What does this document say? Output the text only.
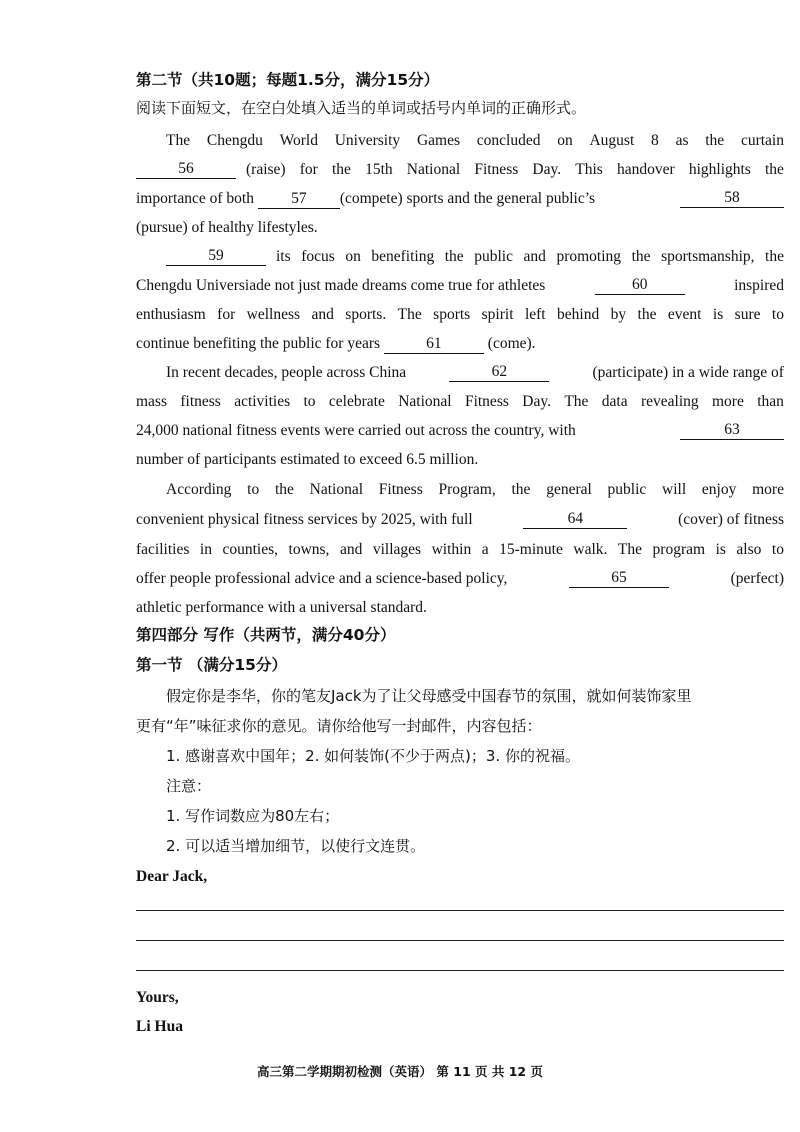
第二节（共10题；每题1.5分，满分15分）
阅读下面短文，在空白处填入适当的单词或括号内单词的正确形式。
The Chengdu World University Games concluded on August 8 as the curtain
56	(raise) for the 15th National Fitness Day. This handover highlights the
importance of both 57 (compete) sports and the general public’s	58
(pursue) of healthy lifestyles.
59	its focus on benefiting the public and promoting the sportsmanship, the
Chengdu Universiade not just made dreams come true for athletes	60	inspired
enthusiasm for wellness and sports. The sports spirit left behind by the event is sure to
continue benefiting the public for years	61	(come).
In recent decades, people across China	62	(participate) in a wide range of
mass fitness activities to celebrate National Fitness Day. The data revealing more than
24,000 national fitness events were carried out across the country, with	63
number of participants estimated to exceed 6.5 million.
According to the National Fitness Program, the general public will enjoy more
convenient physical fitness services by 2025, with full	64	(cover) of fitness
facilities in counties, towns, and villages within a 15-minute walk. The program is also to
offer people professional advice and a science-based policy,	65	(perfect)
athletic performance with a universal standard.
第四部分 写作（共两节，满分40分）
第一节 （满分15分）
假定你是李华，你的笔友Jack为了让父母感受中国春节的氛围，就如何装饰家里
更有“年”味征求你的意见。请你给他写一封邮件，内容包括：
1. 感谢喜欢中国年；2. 如何装饰(不少于两点)；3. 你的祝福。
注意：
1. 写作词数应为80左右；
2. 可以适当增加细节，以使行文连贯。
Dear Jack,
Yours,
Li Hua
高三第二学期期初检测（英语） 第 11 页 共 12 页
